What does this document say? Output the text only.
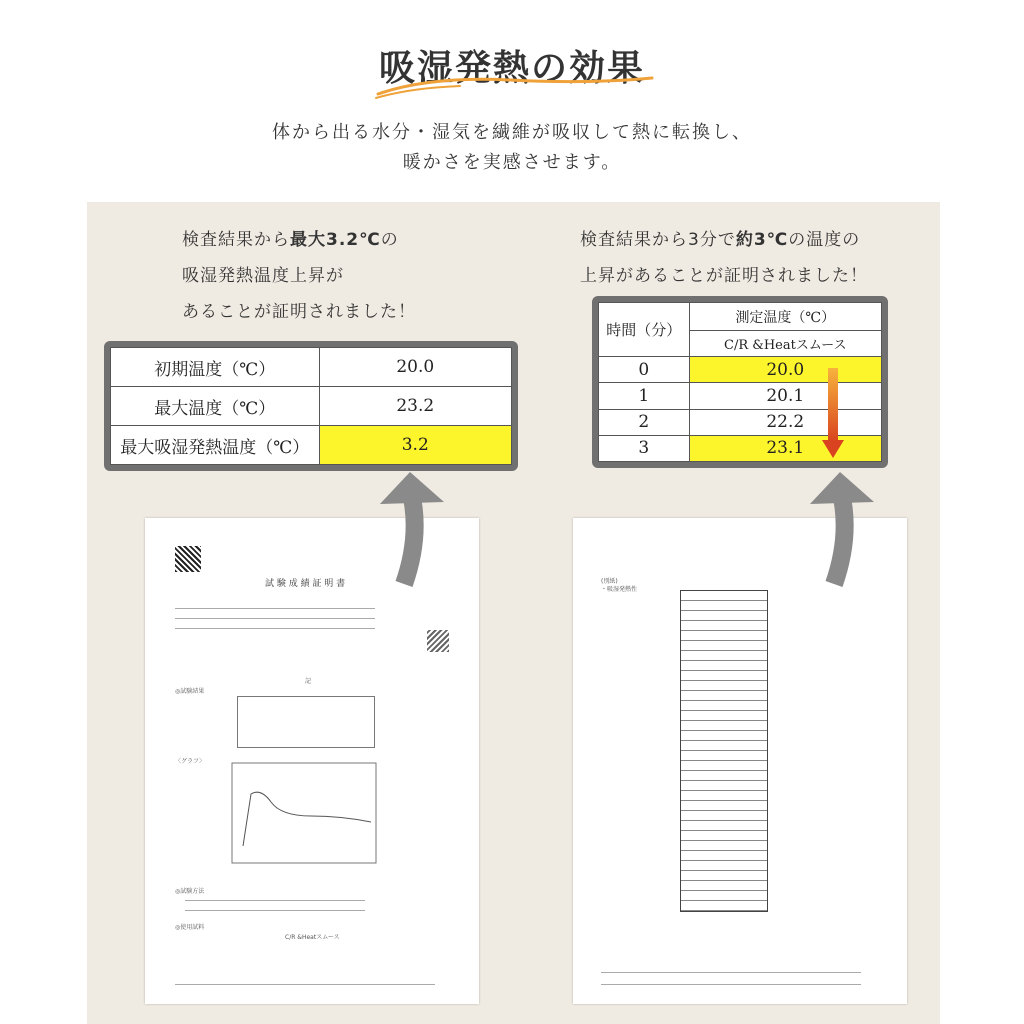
吸湿発熱の効果
体から出る水分・湿気を繊維が吸収して熱に転換し、
暖かさを実感させます。
検査結果から最大3.2℃の
吸湿発熱温度上昇が
あることが証明されました！
初期温度（℃）	20.0
最大温度（℃）	23.2
最大吸湿発熱温度（℃）	3.2
検査結果から3分で約3℃の温度の
上昇があることが証明されました！
時間（分）	測定温度（℃）
	C/R &Heatスムース
0	20.0
1	20.1
2	22.2
3	23.1
試 験 成 績 証 明 書
記
◎試験結果
〈グラフ〉
◎試験方法
◎使用試料
C/R &Heatスムース
(別紙)
・吸湿発熱性
